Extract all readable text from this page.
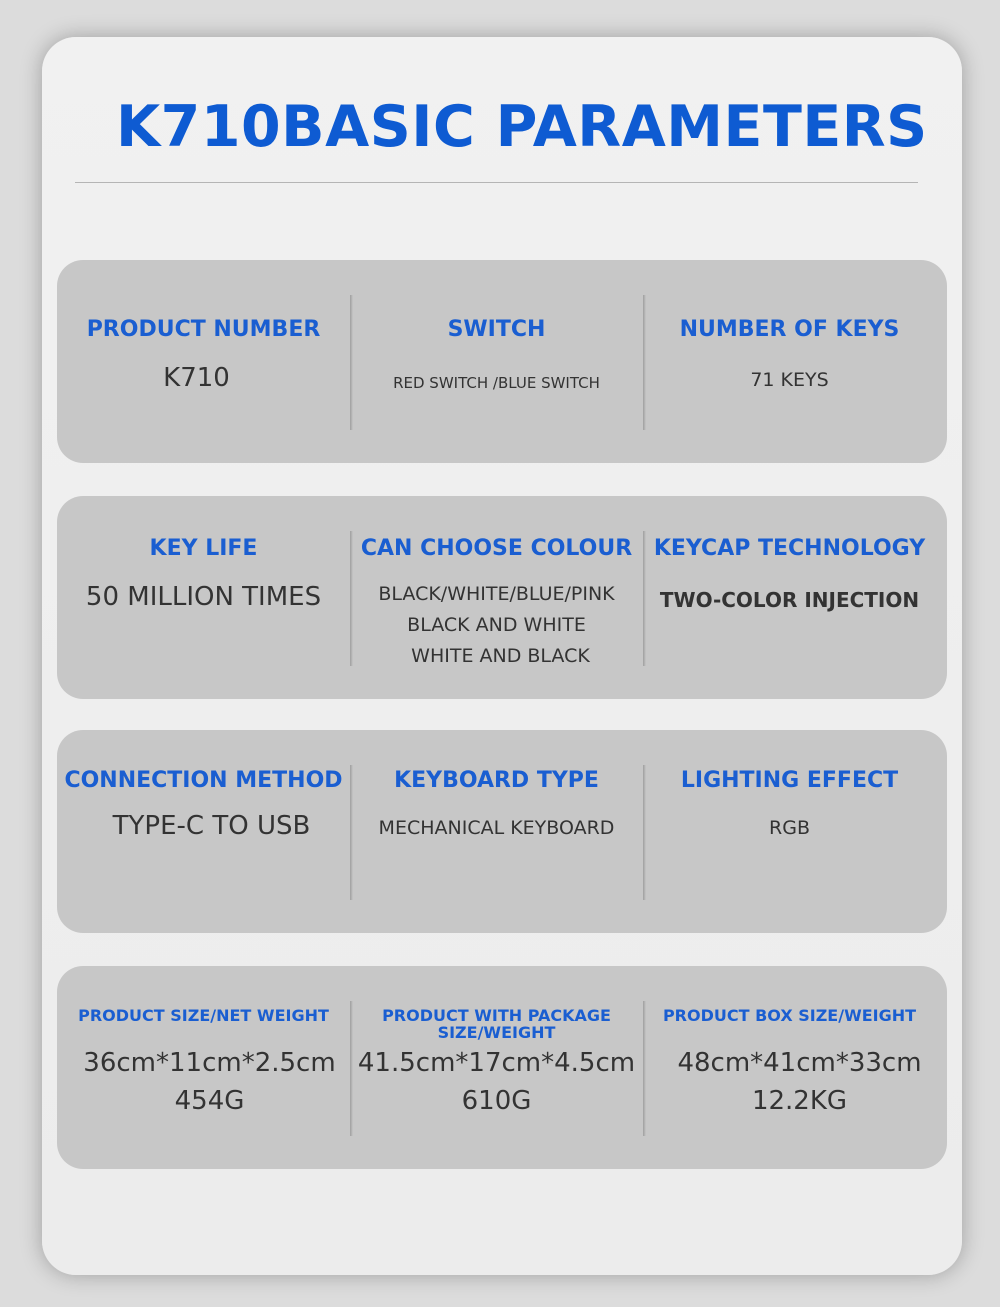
K710BASIC PARAMETERS
PRODUCT NUMBER
K710
SWITCH
RED SWITCH /BLUE SWITCH
NUMBER OF KEYS
71 KEYS
KEY LIFE
50 MILLION TIMES
CAN CHOOSE COLOUR
BLACK/WHITE/BLUE/PINK
BLACK AND WHITE
WHITE AND BLACK
KEYCAP TECHNOLOGY
TWO-COLOR INJECTION
CONNECTION METHOD
TYPE-C TO USB
KEYBOARD TYPE
MECHANICAL KEYBOARD
LIGHTING EFFECT
RGB
PRODUCT SIZE/NET WEIGHT
36cm*11cm*2.5cm
454G
PRODUCT WITH PACKAGE
SIZE/WEIGHT
41.5cm*17cm*4.5cm
610G
PRODUCT BOX SIZE/WEIGHT
48cm*41cm*33cm
12.2KG
